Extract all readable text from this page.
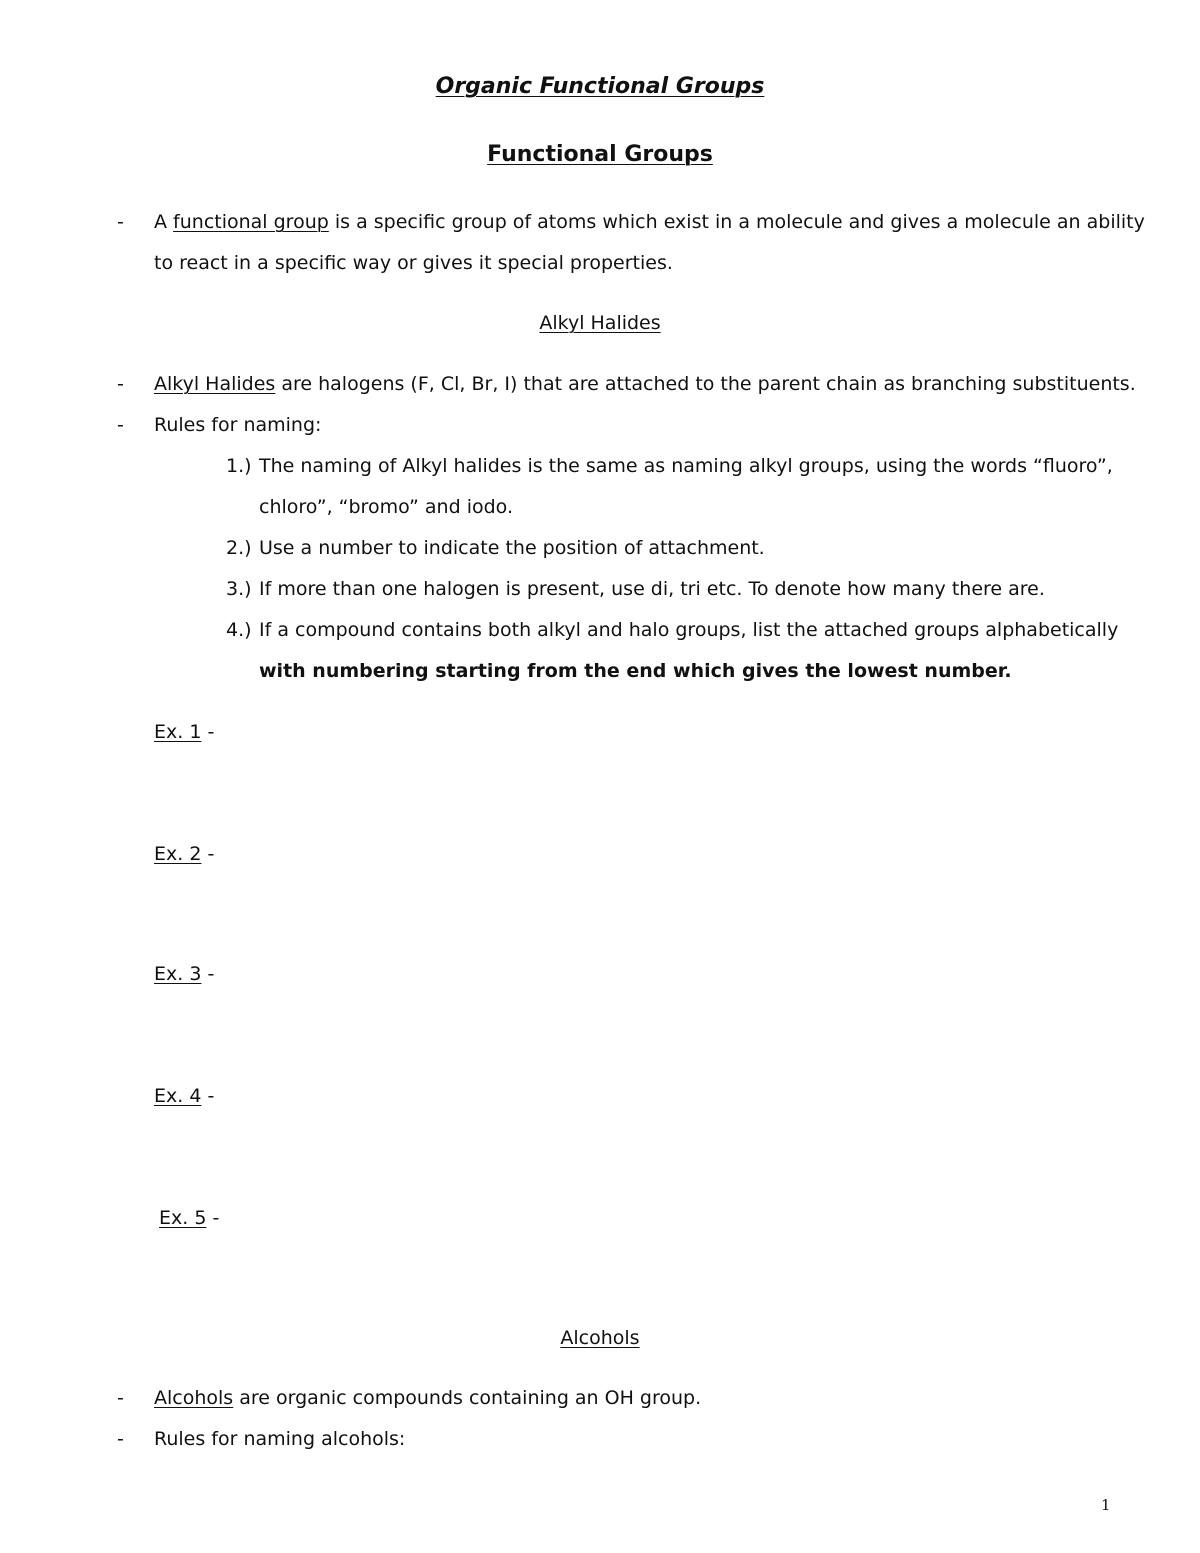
Organic Functional Groups
Functional Groups
- A functional group is a specific group of atoms which exist in a molecule and gives a molecule an ability
to react in a specific way or gives it special properties.
Alkyl Halides
- Alkyl Halides are halogens (F, Cl, Br, I) that are attached to the parent chain as branching substituents.
- Rules for naming:
1.) The naming of Alkyl halides is the same as naming alkyl groups, using the words “fluoro”,
chloro”, “bromo” and iodo.
2.) Use a number to indicate the position of attachment.
3.) If more than one halogen is present, use di, tri etc. To denote how many there are.
4.) If a compound contains both alkyl and halo groups, list the attached groups alphabetically
with numbering starting from the end which gives the lowest number.
Ex. 1 -
Ex. 2 -
Ex. 3 -
Ex. 4 -
Ex. 5 -
Alcohols
- Alcohols are organic compounds containing an OH group.
- Rules for naming alcohols:
1
